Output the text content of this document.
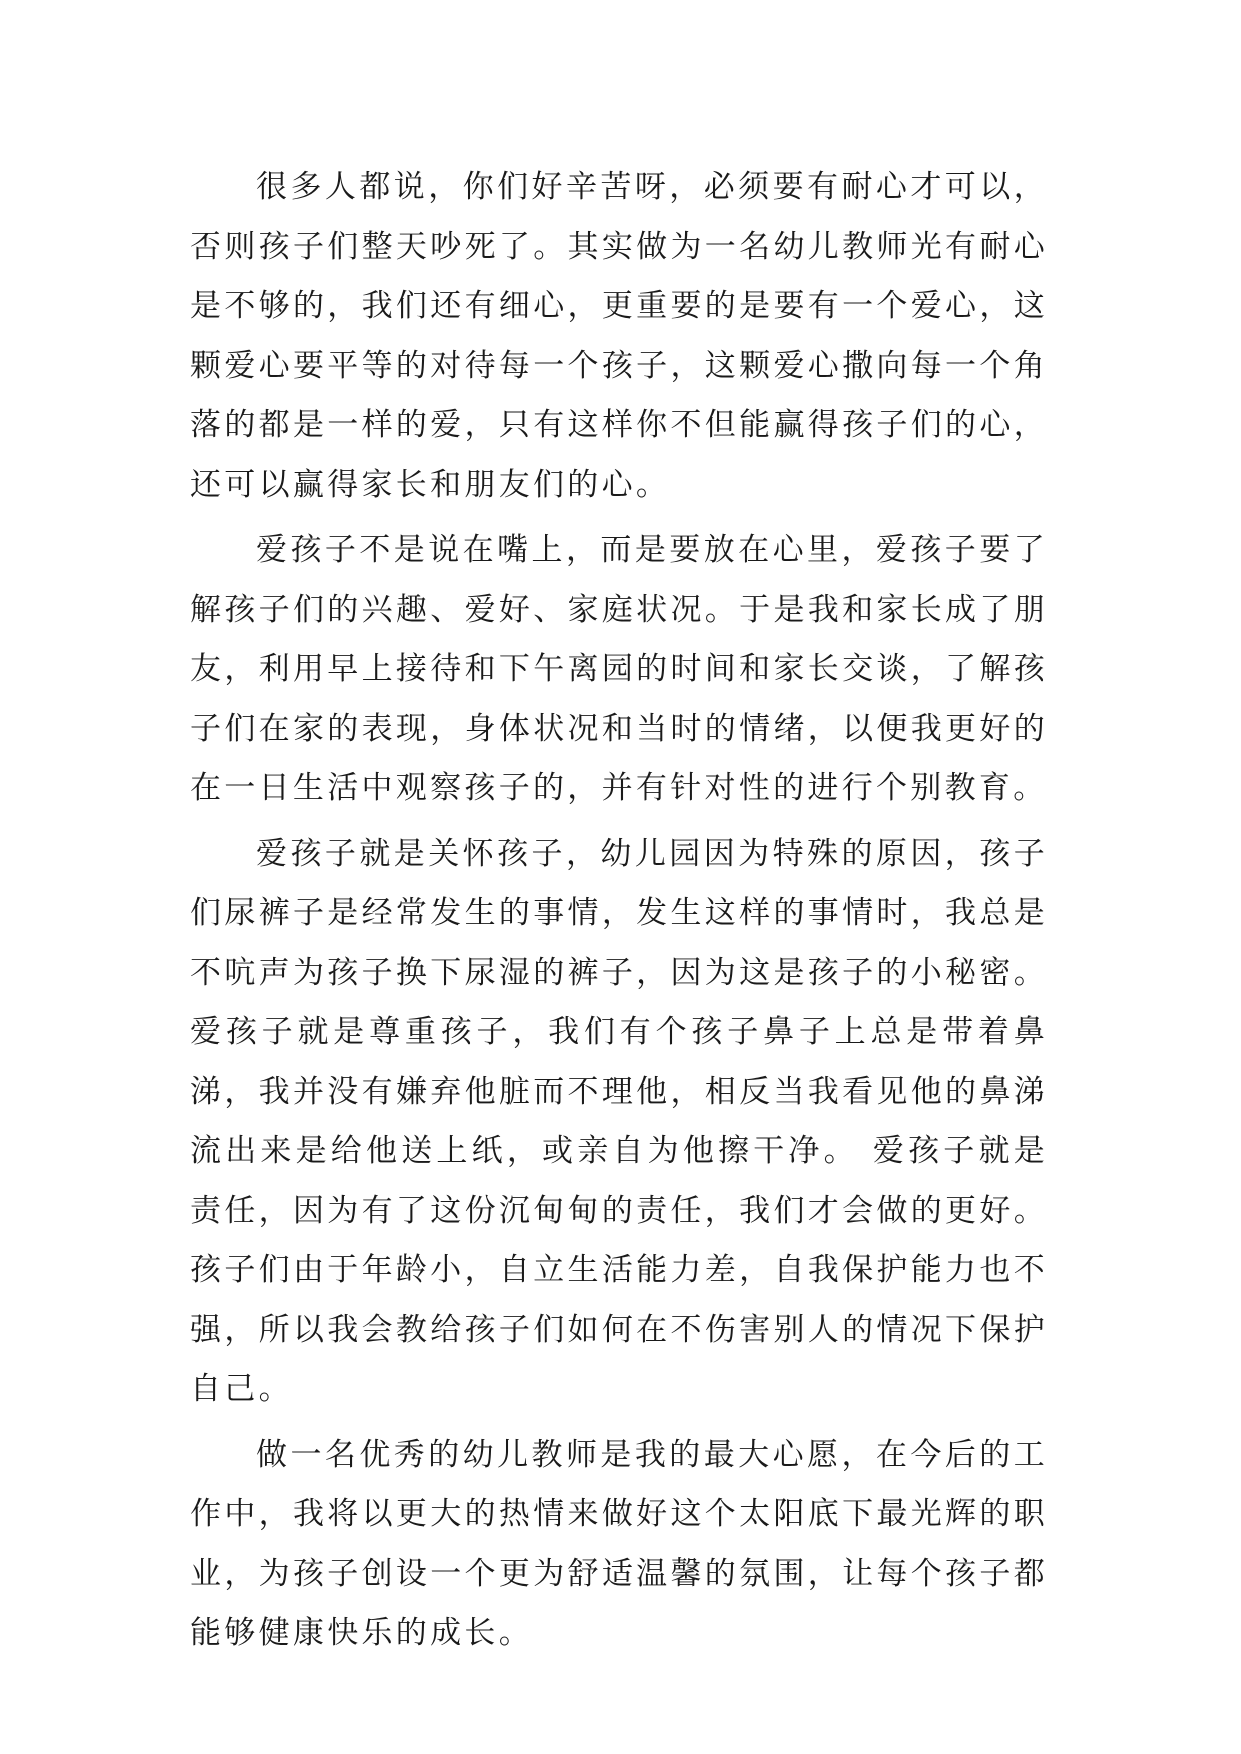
很多人都说，你们好辛苦呀，必须要有耐心才可以，否则孩子们整天吵死了。其实做为一名幼儿教师光有耐心是不够的，我们还有细心，更重要的是要有一个爱心，这颗爱心要平等的对待每一个孩子，这颗爱心撒向每一个角落的都是一样的爱，只有这样你不但能赢得孩子们的心，还可以赢得家长和朋友们的心。

爱孩子不是说在嘴上，而是要放在心里，爱孩子要了解孩子们的兴趣、爱好、家庭状况。于是我和家长成了朋友，利用早上接待和下午离园的时间和家长交谈，了解孩子们在家的表现，身体状况和当时的情绪，以便我更好的在一日生活中观察孩子的，并有针对性的进行个别教育。

爱孩子就是关怀孩子，幼儿园因为特殊的原因，孩子们尿裤子是经常发生的事情，发生这样的事情时，我总是不吭声为孩子换下尿湿的裤子，因为这是孩子的小秘密。 爱孩子就是尊重孩子，我们有个孩子鼻子上总是带着鼻涕，我并没有嫌弃他脏而不理他，相反当我看见他的鼻涕流出来是给他送上纸，或亲自为他擦干净。 爱孩子就是责任，因为有了这份沉甸甸的责任，我们才会做的更好。孩子们由于年龄小，自立生活能力差，自我保护能力也不强，所以我会教给孩子们如何在不伤害别人的情况下保护自己。

做一名优秀的幼儿教师是我的最大心愿，在今后的工作中，我将以更大的热情来做好这个太阳底下最光辉的职业，为孩子创设一个更为舒适温馨的氛围，让每个孩子都能够健康快乐的成长。
